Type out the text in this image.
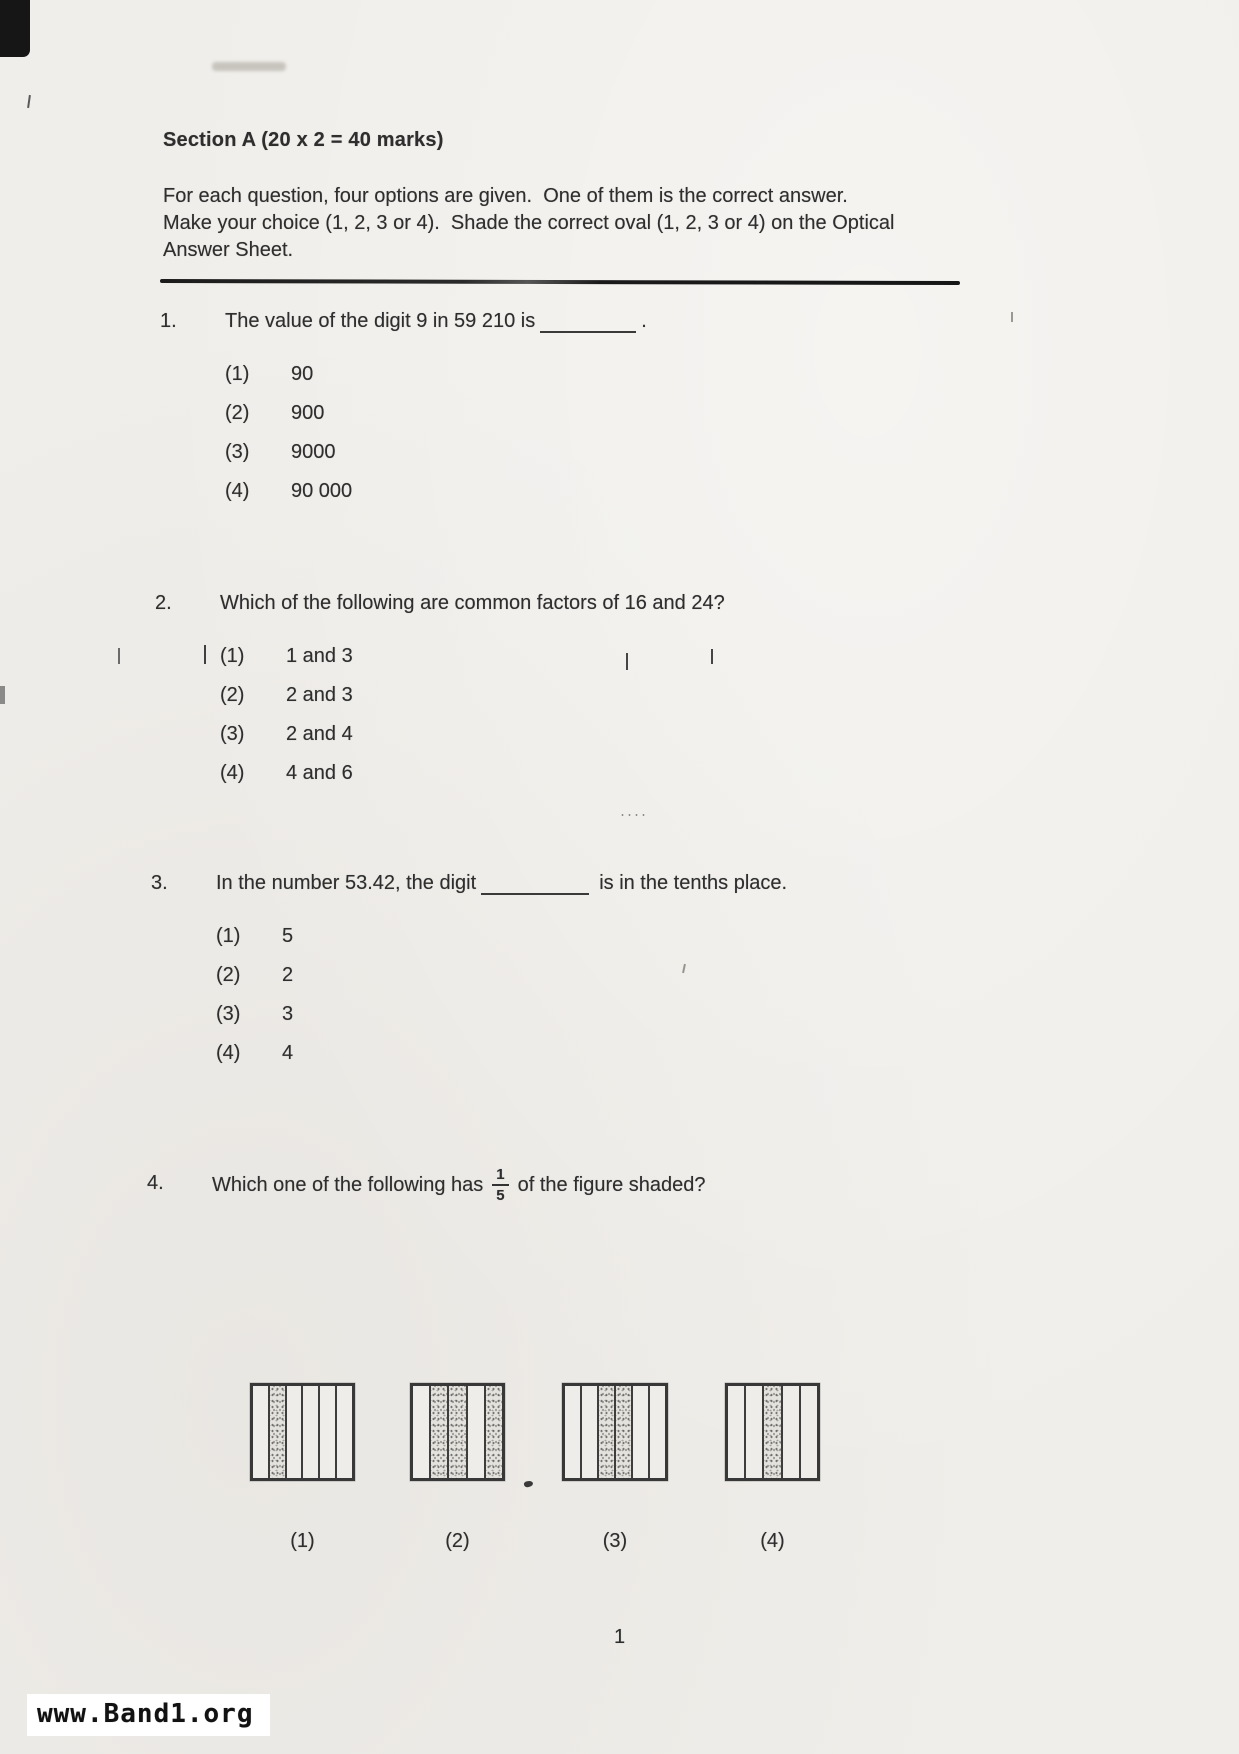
Section A (20 x 2 = 40 marks)
For each question, four options are given.  One of them is the correct answer.
Make your choice (1, 2, 3 or 4).  Shade the correct oval (1, 2, 3 or 4) on the Optical
Answer Sheet.
1.	The value of the digit 9 in 59 210 is	.
(1)	90
(2)	900
(3)	9000
(4)	90 000
2.	Which of the following are common factors of 16 and 24?
(1)	1 and 3
(2)	2 and 3
(3)	2 and 4
(4)	4 and 6
3.	In the number 53.42, the digit	is in the tenths place.
(1)	5
(2)	2
(3)	3
(4)	4
4.	Which one of the following has $\frac{1}{5}$ of the figure shaded?
(1)	(2)	(3)	(4)
1
www.Band1.org
